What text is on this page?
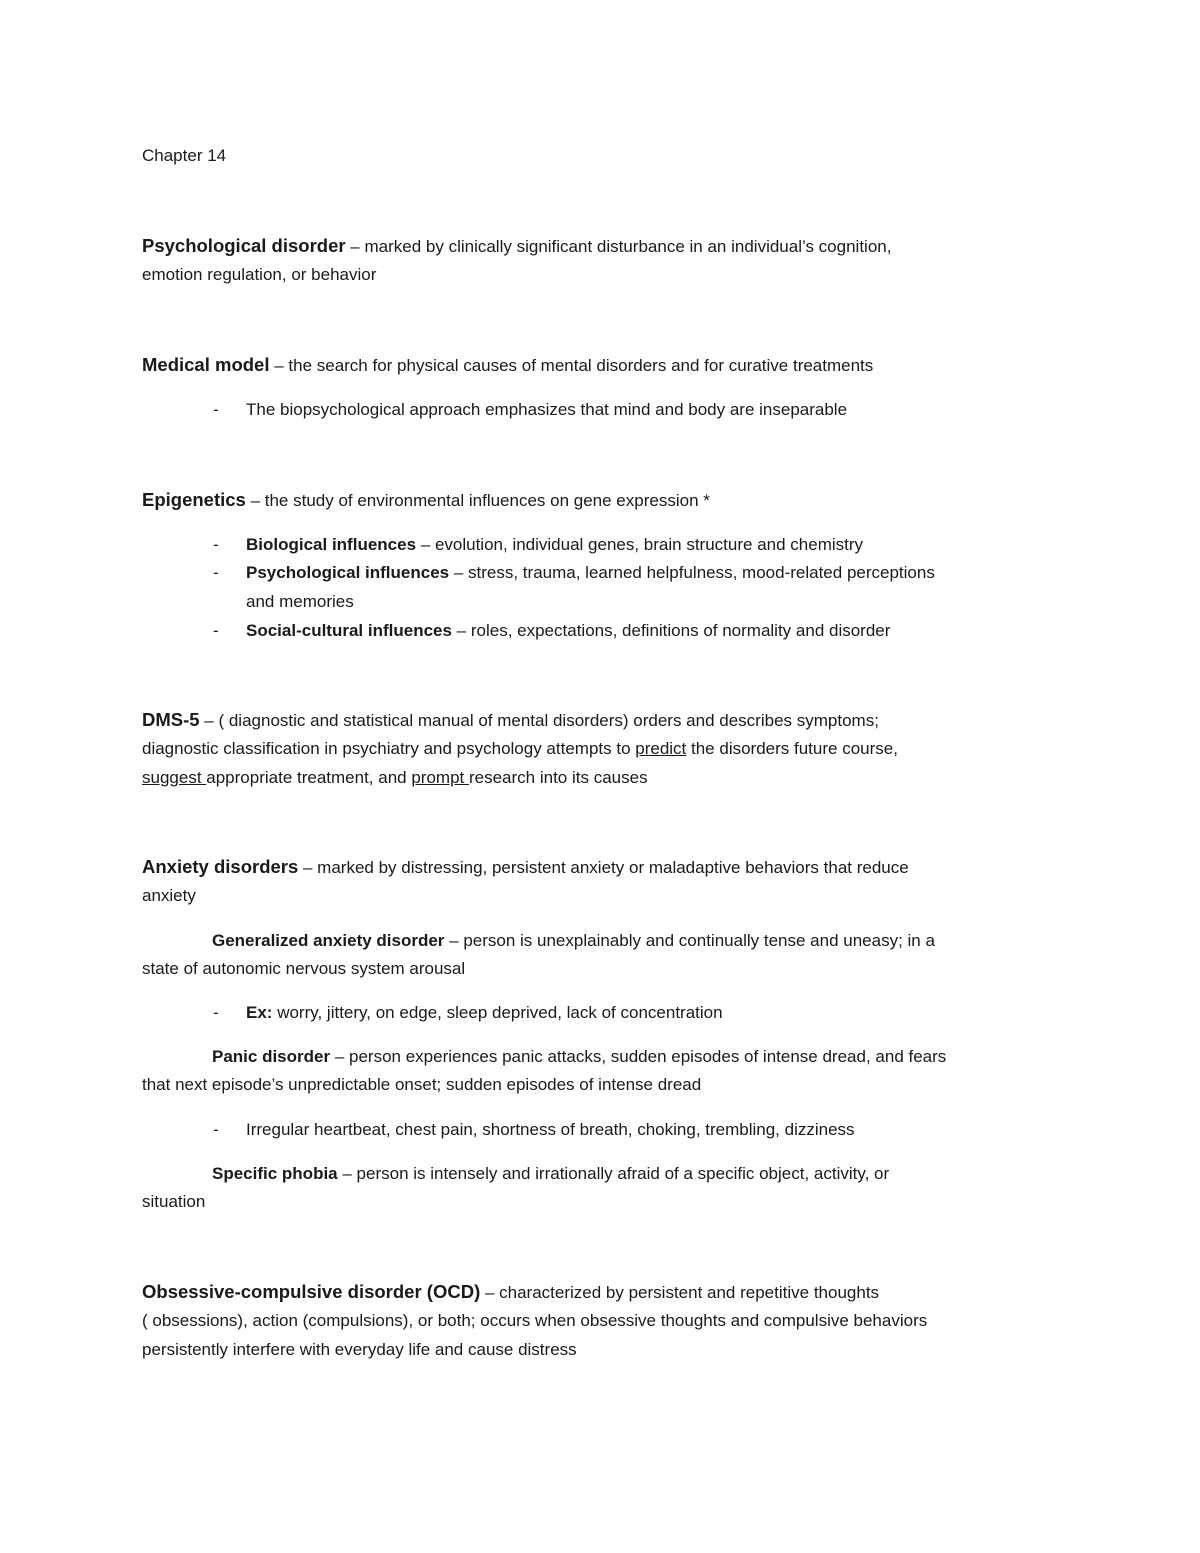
Chapter 14
Psychological disorder – marked by clinically significant disturbance in an individual’s cognition,
emotion regulation, or behavior
Medical model – the search for physical causes of mental disorders and for curative treatments
- The biopsychological approach emphasizes that mind and body are inseparable
Epigenetics – the study of environmental influences on gene expression *
- Biological influences – evolution, individual genes, brain structure and chemistry
- Psychological influences – stress, trauma, learned helpfulness, mood-related perceptions
and memories
- Social-cultural influences – roles, expectations, definitions of normality and disorder
DMS-5 – ( diagnostic and statistical manual of mental disorders) orders and describes symptoms;
diagnostic classification in psychiatry and psychology attempts to predict the disorders future course,
suggest appropriate treatment, and prompt research into its causes
Anxiety disorders – marked by distressing, persistent anxiety or maladaptive behaviors that reduce
anxiety
Generalized anxiety disorder – person is unexplainably and continually tense and uneasy; in a
state of autonomic nervous system arousal
- Ex: worry, jittery, on edge, sleep deprived, lack of concentration
Panic disorder – person experiences panic attacks, sudden episodes of intense dread, and fears
that next episode’s unpredictable onset; sudden episodes of intense dread
- Irregular heartbeat, chest pain, shortness of breath, choking, trembling, dizziness
Specific phobia – person is intensely and irrationally afraid of a specific object, activity, or
situation
Obsessive-compulsive disorder (OCD) – characterized by persistent and repetitive thoughts
( obsessions), action (compulsions), or both; occurs when obsessive thoughts and compulsive behaviors
persistently interfere with everyday life and cause distress
